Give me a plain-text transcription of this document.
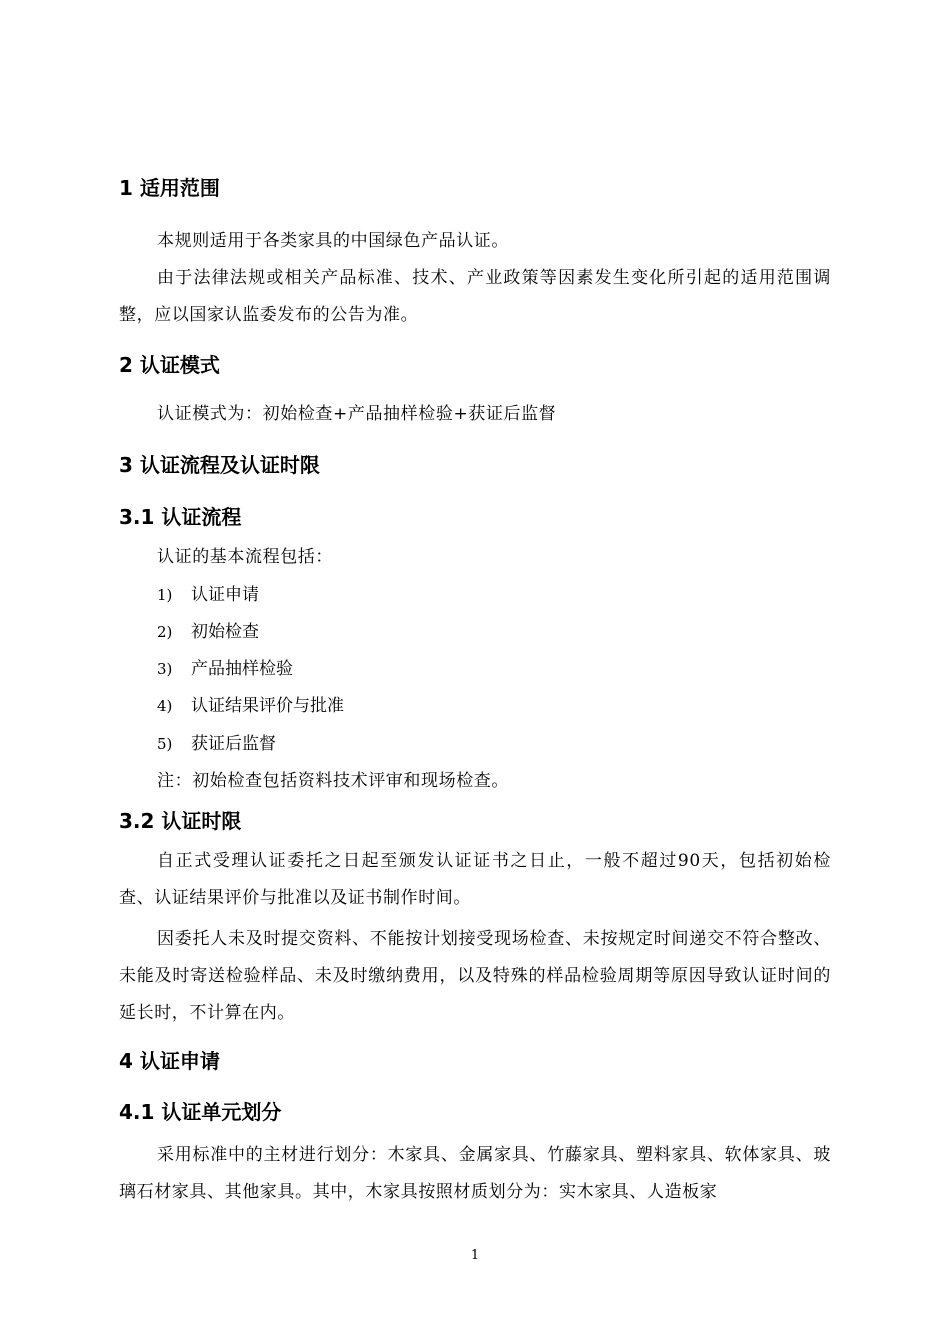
1 适用范围
本规则适用于各类家具的中国绿色产品认证。
由于法律法规或相关产品标准、技术、产业政策等因素发生变化所引起的适用范围调整，应以国家认监委发布的公告为准。
2 认证模式
认证模式为：初始检查+产品抽样检验+获证后监督
3 认证流程及认证时限
3.1 认证流程
认证的基本流程包括：
1) 认证申请
2) 初始检查
3) 产品抽样检验
4) 认证结果评价与批准
5) 获证后监督
注：初始检查包括资料技术评审和现场检查。
3.2 认证时限
自正式受理认证委托之日起至颁发认证证书之日止，一般不超过90天，包括初始检查、认证结果评价与批准以及证书制作时间。
因委托人未及时提交资料、不能按计划接受现场检查、未按规定时间递交不符合整改、未能及时寄送检验样品、未及时缴纳费用，以及特殊的样品检验周期等原因导致认证时间的延长时，不计算在内。
4 认证申请
4.1 认证单元划分
采用标准中的主材进行划分：木家具、金属家具、竹藤家具、塑料家具、软体家具、玻璃石材家具、其他家具。其中，木家具按照材质划分为：实木家具、人造板家
1
